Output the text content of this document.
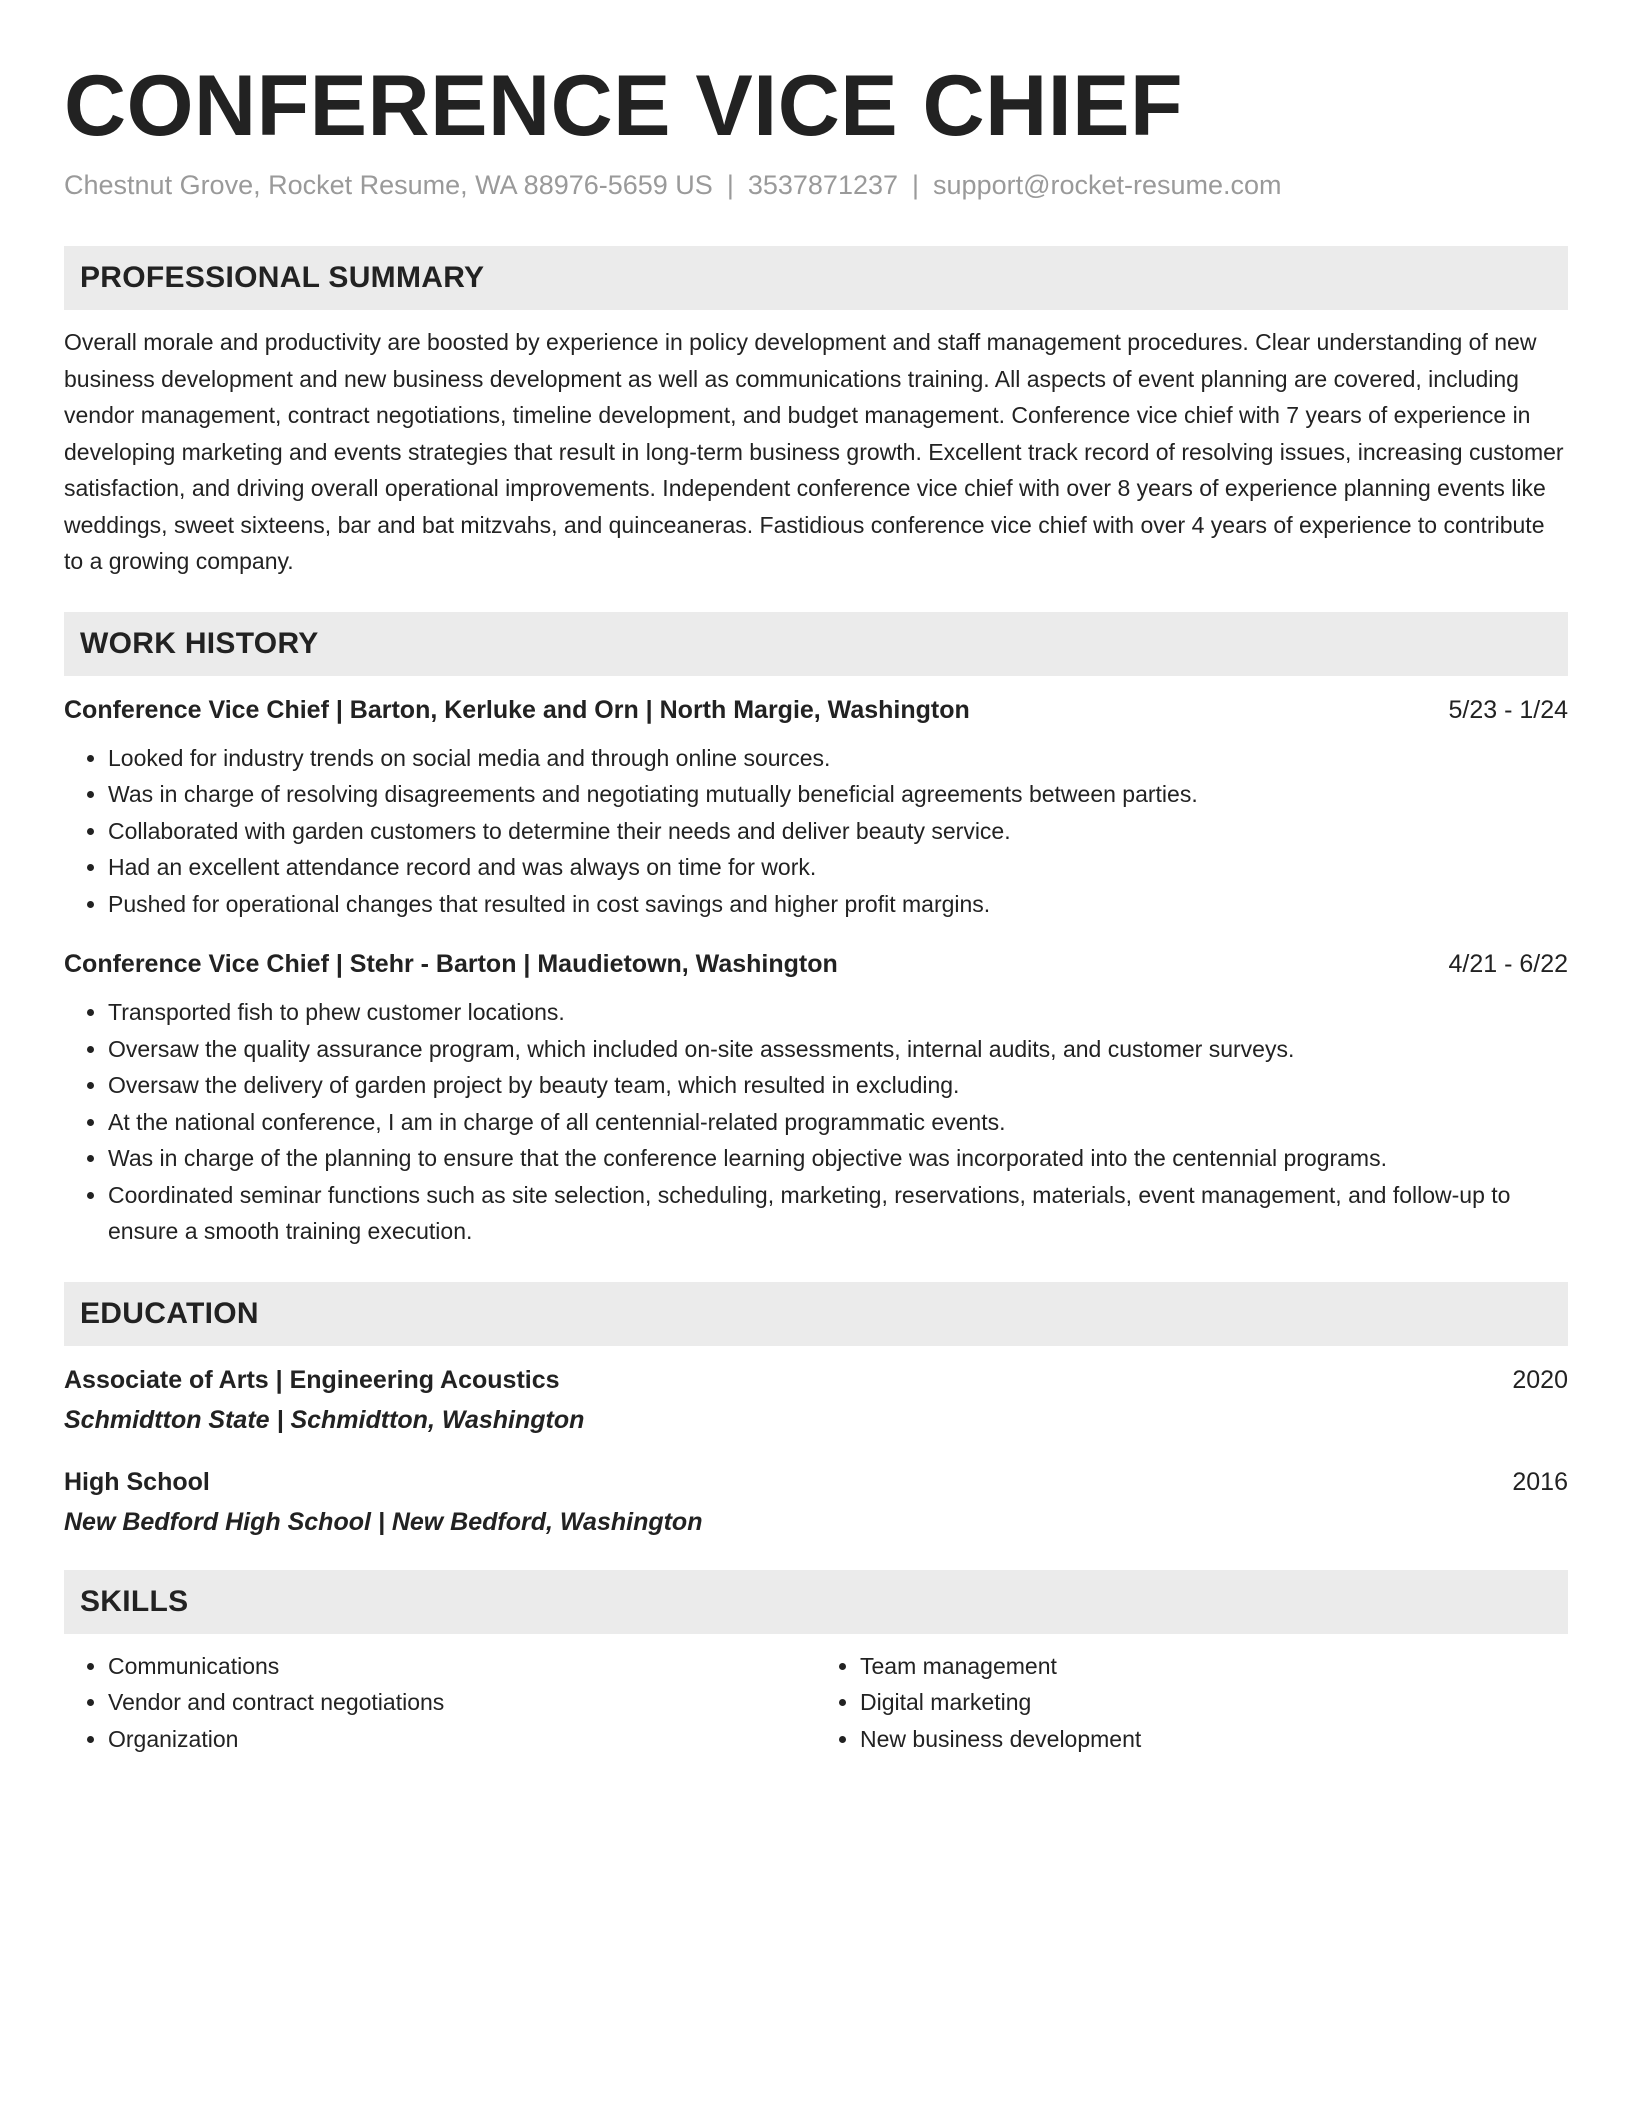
CONFERENCE VICE CHIEF
Chestnut Grove, Rocket Resume, WA 88976-5659 US | 3537871237 | support@rocket-resume.com
PROFESSIONAL SUMMARY
Overall morale and productivity are boosted by experience in policy development and staff management procedures. Clear understanding of new business development and new business development as well as communications training. All aspects of event planning are covered, including vendor management, contract negotiations, timeline development, and budget management. Conference vice chief with 7 years of experience in developing marketing and events strategies that result in long-term business growth. Excellent track record of resolving issues, increasing customer satisfaction, and driving overall operational improvements. Independent conference vice chief with over 8 years of experience planning events like weddings, sweet sixteens, bar and bat mitzvahs, and quinceaneras. Fastidious conference vice chief with over 4 years of experience to contribute to a growing company.
WORK HISTORY
Conference Vice Chief | Barton, Kerluke and Orn | North Margie, Washington	5/23 - 1/24
• Looked for industry trends on social media and through online sources.
• Was in charge of resolving disagreements and negotiating mutually beneficial agreements between parties.
• Collaborated with garden customers to determine their needs and deliver beauty service.
• Had an excellent attendance record and was always on time for work.
• Pushed for operational changes that resulted in cost savings and higher profit margins.
Conference Vice Chief | Stehr - Barton | Maudietown, Washington	4/21 - 6/22
• Transported fish to phew customer locations.
• Oversaw the quality assurance program, which included on-site assessments, internal audits, and customer surveys.
• Oversaw the delivery of garden project by beauty team, which resulted in excluding.
• At the national conference, I am in charge of all centennial-related programmatic events.
• Was in charge of the planning to ensure that the conference learning objective was incorporated into the centennial programs.
• Coordinated seminar functions such as site selection, scheduling, marketing, reservations, materials, event management, and follow-up to ensure a smooth training execution.
EDUCATION
Associate of Arts | Engineering Acoustics	2020
Schmidtton State | Schmidtton, Washington
High School	2016
New Bedford High School | New Bedford, Washington
SKILLS
• Communications
• Vendor and contract negotiations
• Organization
• Team management
• Digital marketing
• New business development
